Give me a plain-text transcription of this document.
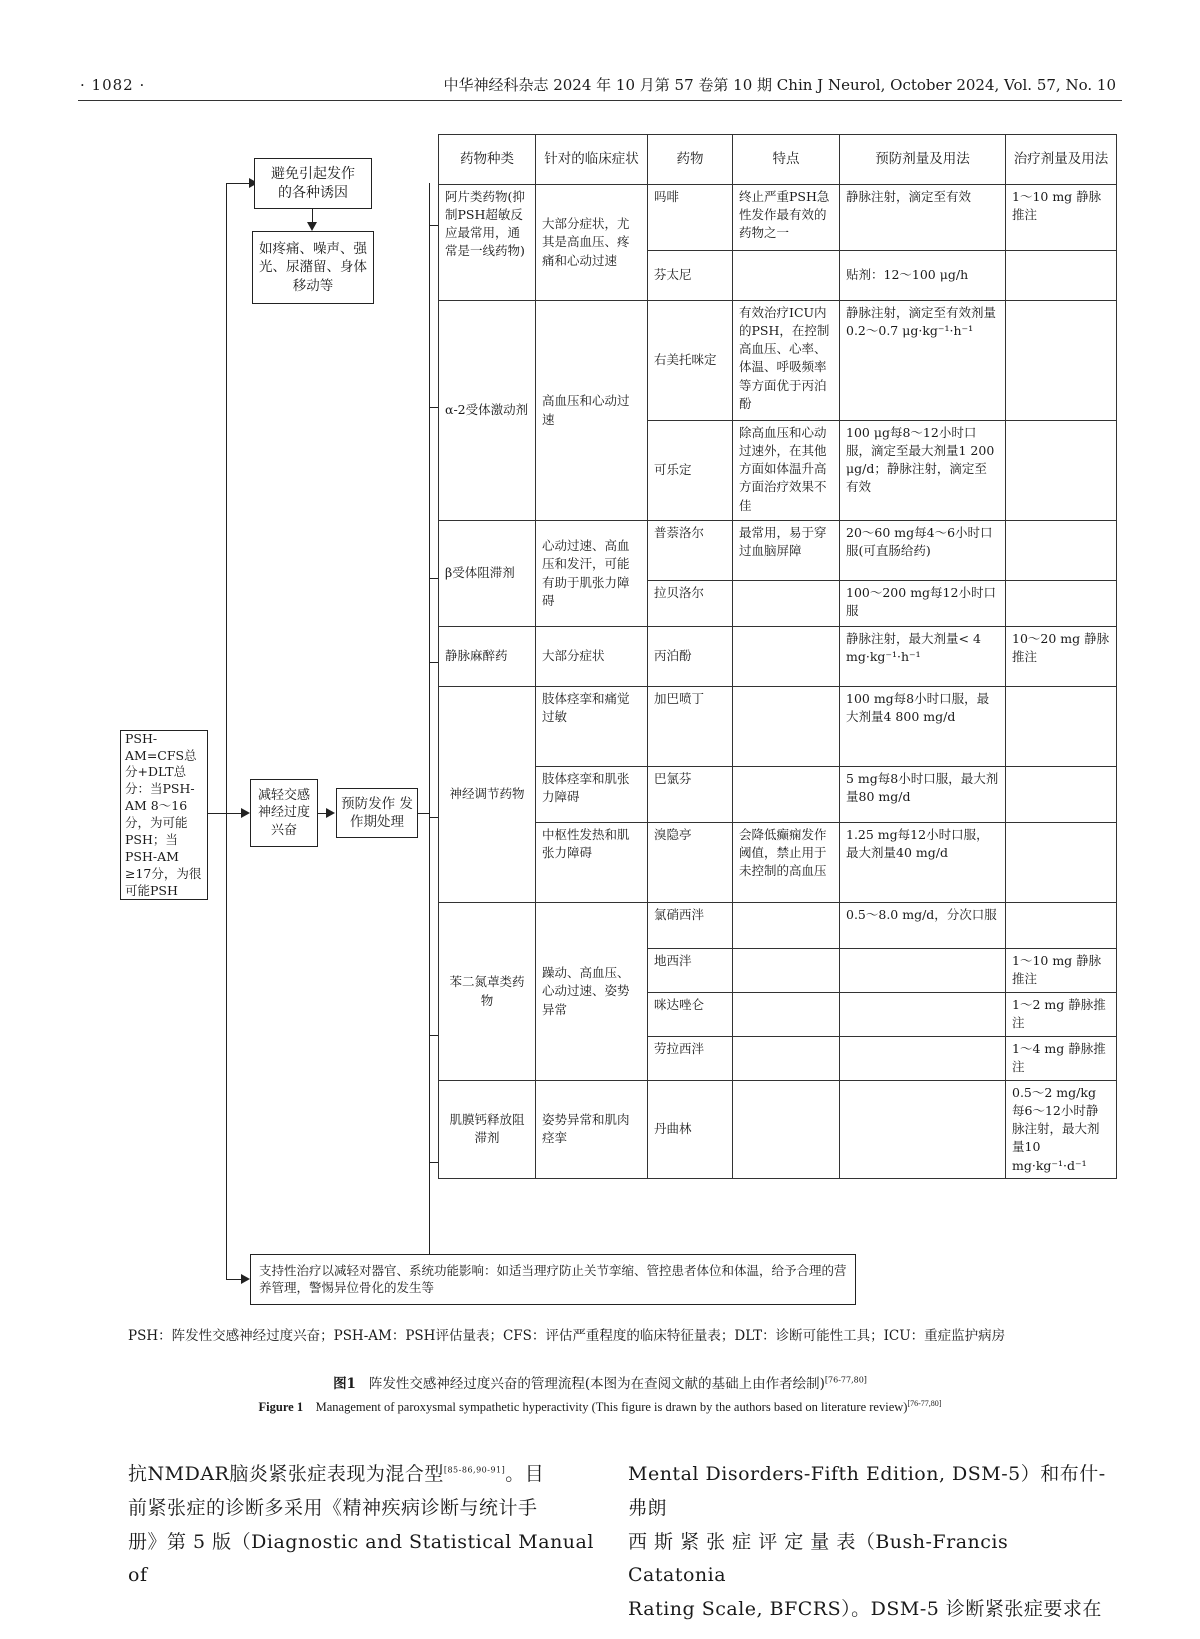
· 1082 ·	中华神经科杂志 2024 年 10 月第 57 卷第 10 期 Chin J Neurol, October 2024, Vol. 57, No. 10
PSH-AM=CFS总分+DLT总分：当PSH-AM 8～16分，为可能PSH；当PSH-AM ≥17分，为很可能PSH
避免引起发作的各种诱因
如疼痛、噪声、强光、尿潴留、身体移动等
减轻交感神经过度兴奋
预防发作 发作期处理
支持性治疗以减轻对器官、系统功能影响：如适当理疗防止关节挛缩、管控患者体位和体温，给予合理的营养管理，警惕异位骨化的发生等
药物种类	针对的临床症状	药物	特点	预防剂量及用法	治疗剂量及用法
阿片类药物(抑制PSH超敏反应最常用，通常是一线药物)	大部分症状，尤其是高血压、疼痛和心动过速	吗啡	终止严重PSH急性发作最有效的药物之一	静脉注射，滴定至有效	1～10 mg 静脉推注
		芬太尼		贴剂：12～100 μg/h	
α-2受体激动剂	高血压和心动过速	右美托咪定	有效治疗ICU内的PSH，在控制高血压、心率、体温、呼吸频率等方面优于丙泊酚	静脉注射，滴定至有效剂量0.2～0.7 μg·kg⁻¹·h⁻¹	
		可乐定	除高血压和心动过速外，在其他方面如体温升高方面治疗效果不佳	100 μg每8～12小时口服，滴定至最大剂量1 200 μg/d；静脉注射，滴定至有效	
β受体阻滞剂	心动过速、高血压和发汗，可能有助于肌张力障碍	普萘洛尔	最常用，易于穿过血脑屏障	20～60 mg每4～6小时口服(可直肠给药)	
		拉贝洛尔		100～200 mg每12小时口服	
静脉麻醉药	大部分症状	丙泊酚		静脉注射，最大剂量< 4 mg·kg⁻¹·h⁻¹	10～20 mg 静脉推注
神经调节药物	肢体痉挛和痛觉过敏	加巴喷丁		100 mg每8小时口服，最大剂量4 800 mg/d	
	肢体痉挛和肌张力障碍	巴氯芬		5 mg每8小时口服，最大剂量80 mg/d	
	中枢性发热和肌张力障碍	溴隐亭	会降低癫痫发作阈值，禁止用于未控制的高血压	1.25 mg每12小时口服，最大剂量40 mg/d	
苯二氮䓬类药物	躁动、高血压、心动过速、姿势异常	氯硝西泮		0.5～8.0 mg/d，分次口服	
		地西泮			1～10 mg 静脉推注
		咪达唑仑			1～2 mg 静脉推注
		劳拉西泮			1～4 mg 静脉推注
肌膜钙释放阻滞剂	姿势异常和肌肉痉挛	丹曲林			0.5～2 mg/kg 每6～12小时静脉注射，最大剂量10 mg·kg⁻¹·d⁻¹
PSH：阵发性交感神经过度兴奋；PSH-AM：PSH评估量表；CFS：评估严重程度的临床特征量表；DLT：诊断可能性工具；ICU：重症监护病房
图1 阵发性交感神经过度兴奋的管理流程(本图为在查阅文献的基础上由作者绘制)[76-77,80]
Figure 1 Management of paroxysmal sympathetic hyperactivity (This figure is drawn by the authors based on literature review)[76-77,80]
抗NMDAR脑炎紧张症表现为混合型[85-86,90-91]。目
前紧张症的诊断多采用《精神疾病诊断与统计手
册》第 5 版（Diagnostic and Statistical Manual of
Mental Disorders-Fifth Edition, DSM-5）和布什-弗朗
西 斯 紧 张 症 评 定 量 表（Bush-Francis Catatonia
Rating Scale, BFCRS）。DSM-5 诊断紧张症要求在
